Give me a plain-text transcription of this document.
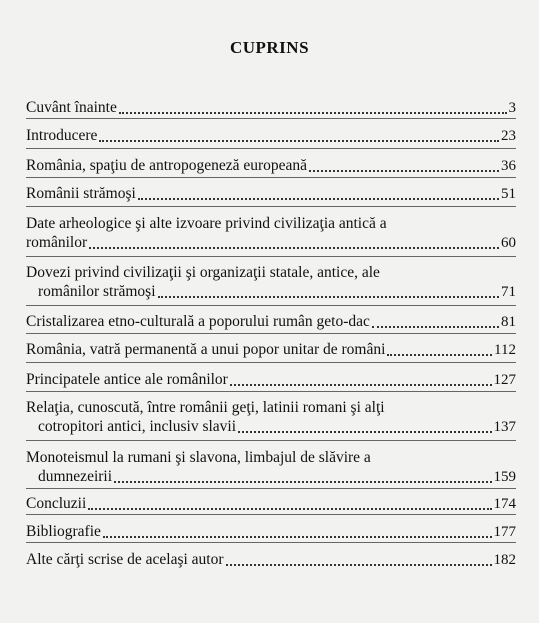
CUPRINS
Cuvânt înainte	3
Introducere	23
România, spaţiu de antropogeneză europeană	36
Românii strămoşi	51
Date arheologice şi alte izvoare privind civilizaţia antică a
românilor	60
Dovezi privind civilizaţii şi organizaţii statale, antice, ale
românilor strămoşi	71
Cristalizarea etno-culturală a poporului rumân geto-dac	81
România, vatră permanentă a unui popor unitar de români	112
Principatele antice ale românilor	127
Relaţia, cunoscută, între românii geţi, latinii romani şi alţi
cotropitori antici, inclusiv slavii	137
Monoteismul la rumani şi slavona, limbajul de slăvire a
dumnezeirii	159
Concluzii	174
Bibliografie	177
Alte cărţi scrise de acelaşi autor	182
